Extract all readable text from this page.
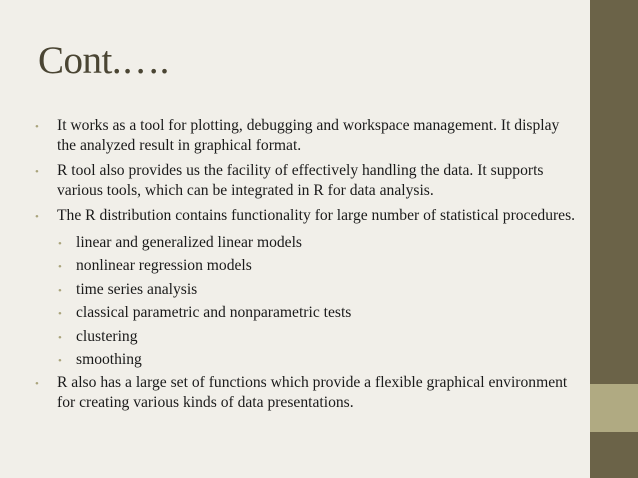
Cont.….
•	It works as a tool for plotting, debugging and workspace management. It display the analyzed result in graphical format.
•	R tool also provides us the facility of effectively handling the data. It supports various tools, which can be integrated in R for data analysis.
•	The R distribution contains functionality for large number of statistical procedures.
• linear and generalized linear models
• nonlinear regression models
• time series analysis
• classical parametric and nonparametric tests
• clustering
• smoothing
•	R also has a large set of functions which provide a flexible graphical environment for creating various kinds of data presentations.
